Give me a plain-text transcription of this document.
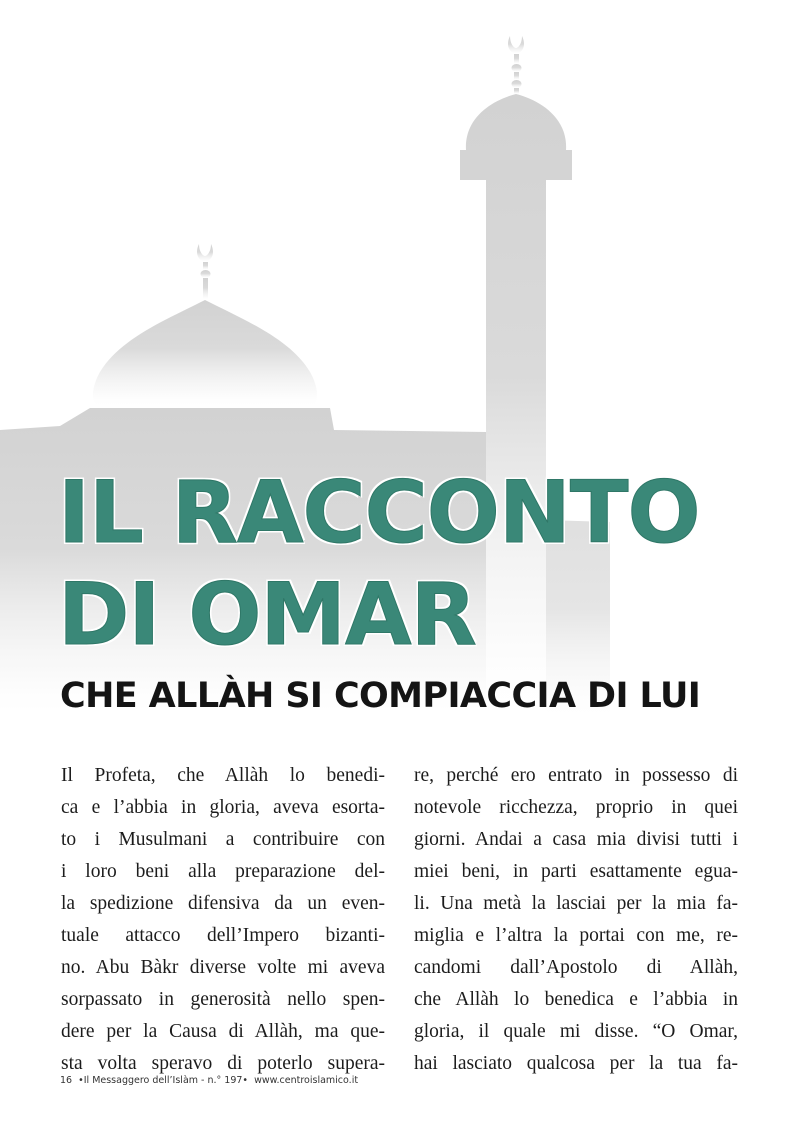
IL RACCONTO
DI OMAR
CHE ALLÀH SI COMPIACCIA DI LUI
Il Profeta, che Allàh lo benedi-
ca e l’abbia in gloria, aveva esorta-
to i Musulmani a contribuire con
i loro beni alla preparazione del-
la spedizione difensiva da un even-
tuale attacco dell’Impero bizanti-
no. Abu Bàkr diverse volte mi aveva
sorpassato in generosità nello spen-
dere per la Causa di Allàh, ma que-
sta volta speravo di poterlo supera-
re, perché ero entrato in possesso di
notevole ricchezza, proprio in quei
giorni. Andai a casa mia divisi tutti i
miei beni, in parti esattamente egua-
li. Una metà la lasciai per la mia fa-
miglia e l’altra la portai con me, re-
candomi dall’Apostolo di Allàh,
che Allàh lo benedica e l’abbia in
gloria, il quale mi disse. “O Omar,
hai lasciato qualcosa per la tua fa-
16 •Il Messaggero dell’Islàm - n.° 197• www.centroislamico.it
